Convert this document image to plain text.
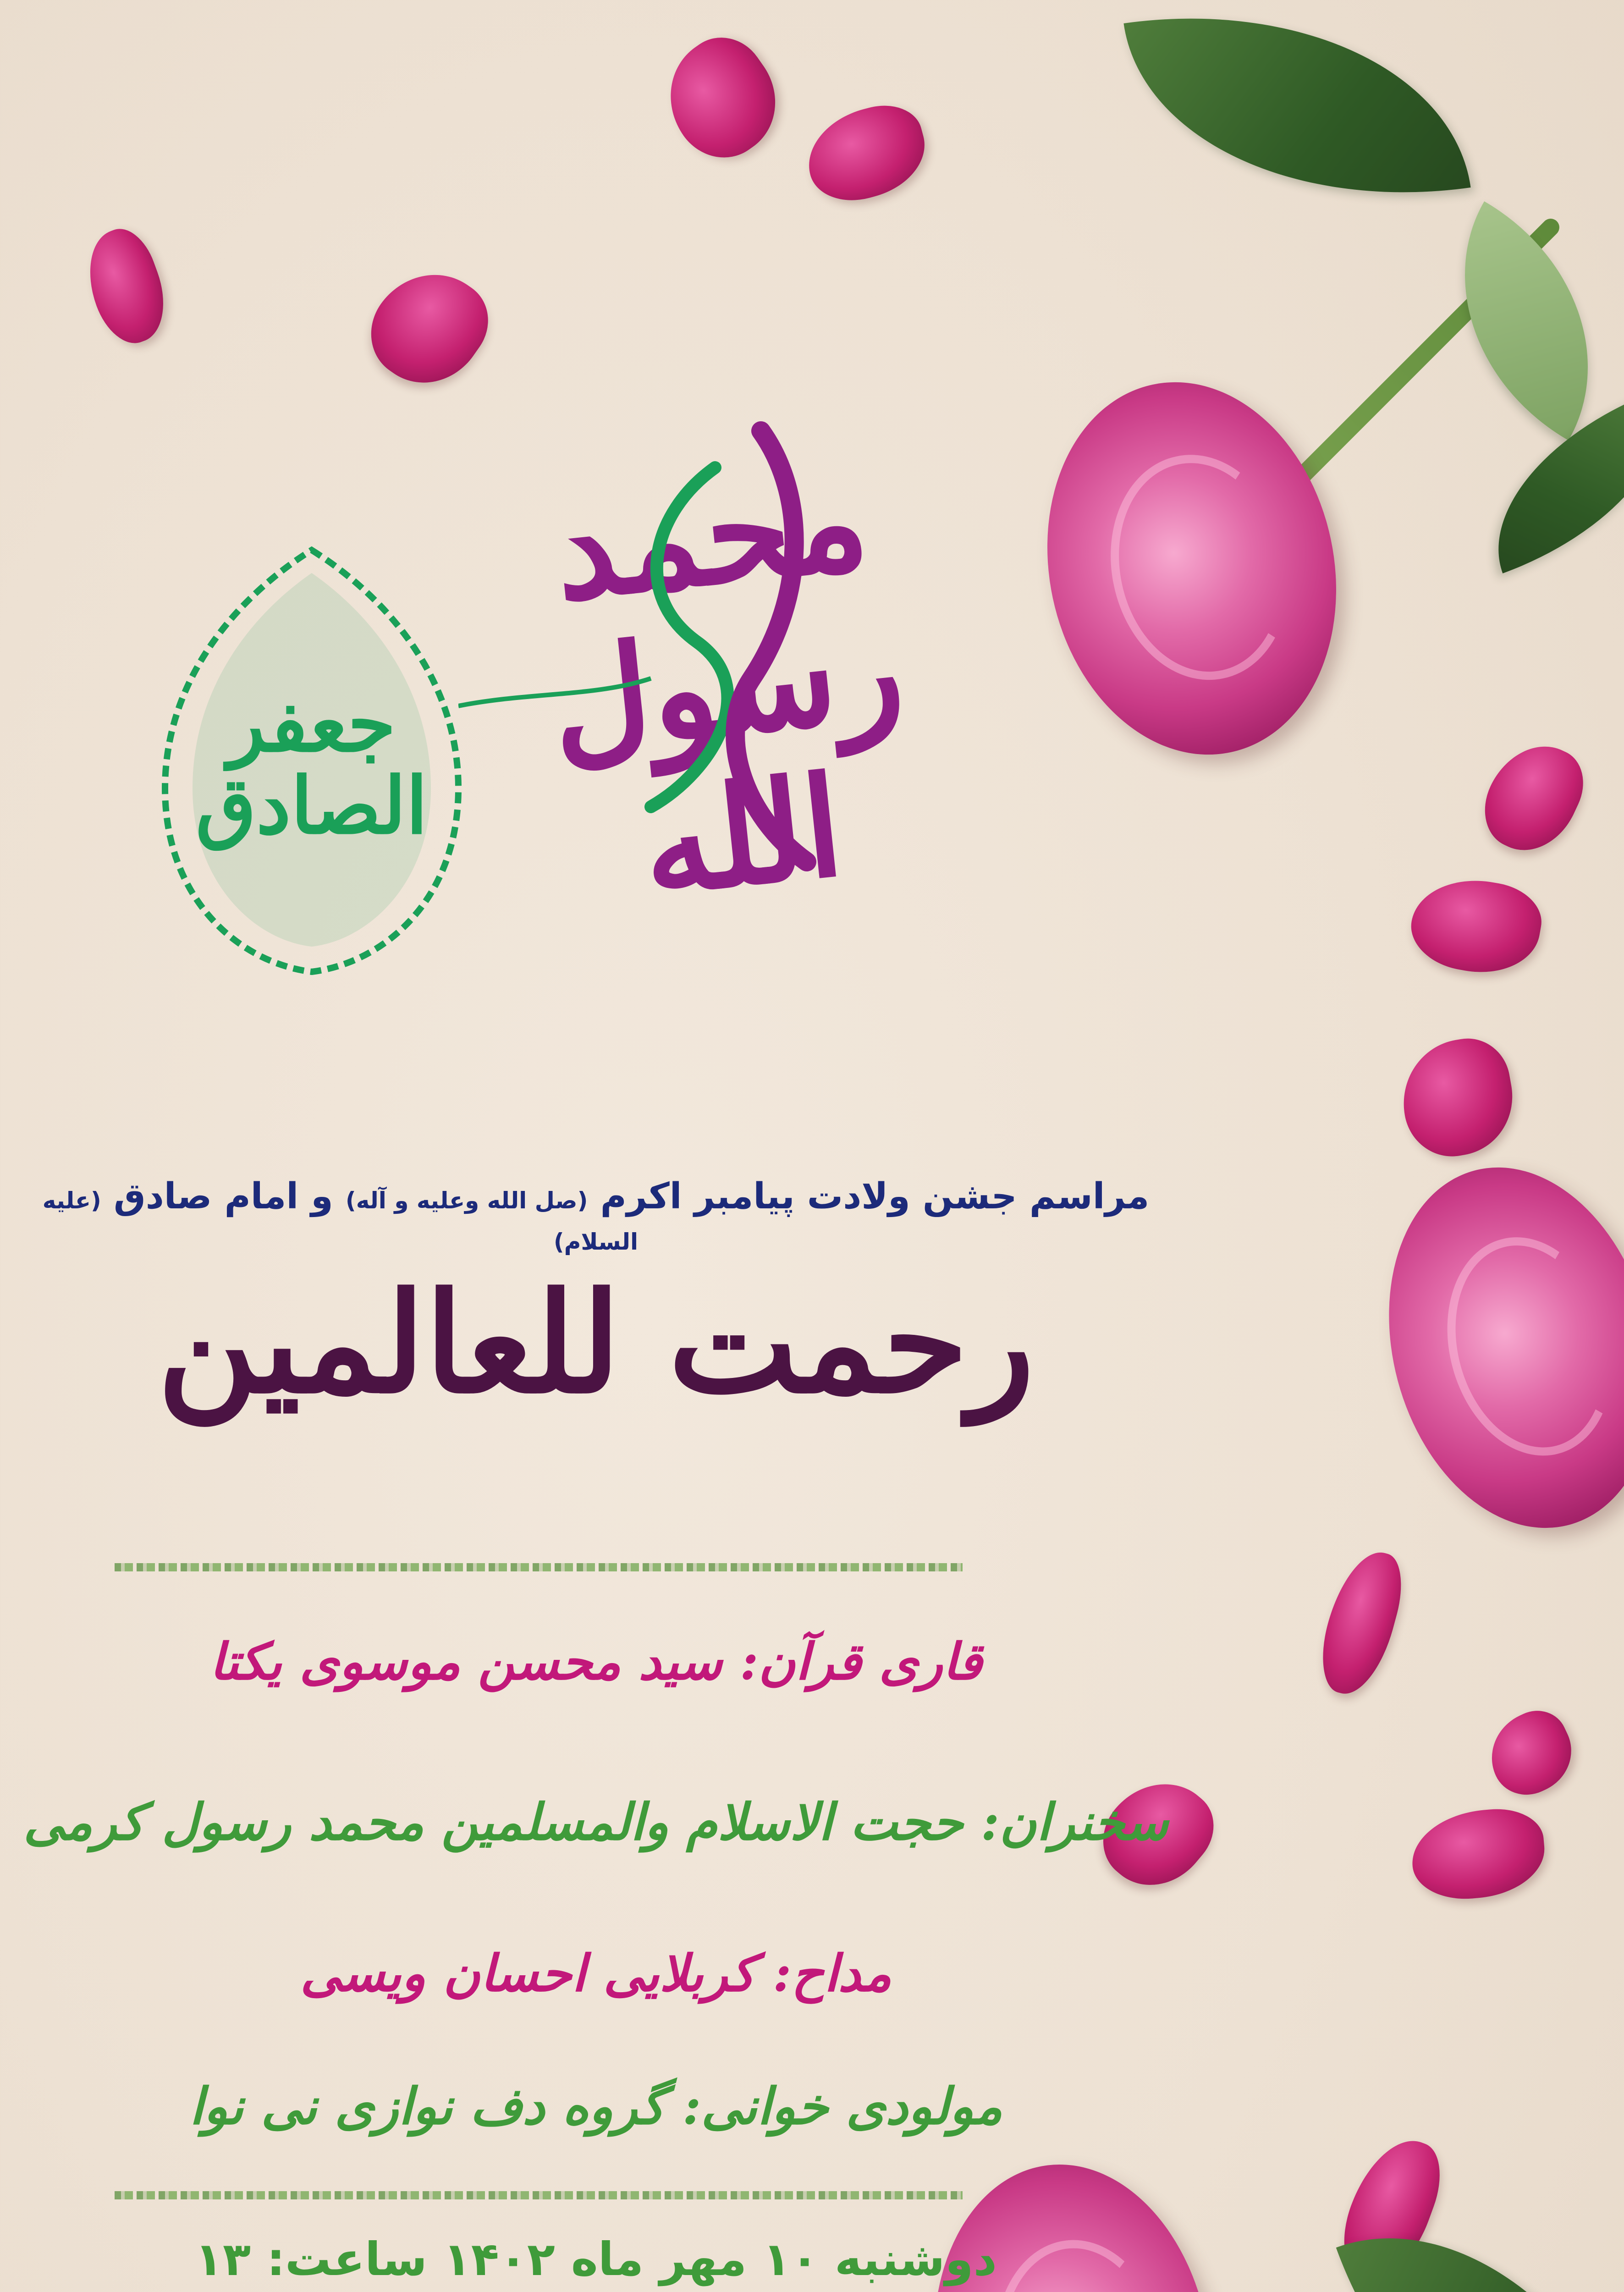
جعفر الصادق
محمد رسول الله
مراسم جشن ولادت پیامبر اکرم (صل الله وعلیه و آله) و امام صادق (علیه السلام)
رحمت للعالمین
قاری قرآن: سید محسن موسوی یکتا
سخنران: حجت الاسلام والمسلمین محمد رسول کرمی
مداح: کربلایی احسان ویسی
مولودی خوانی: گروه دف نوازی نی نوا
دوشنبه ۱۰ مهر ماه ۱۴۰۲ ساعت: ۱۳
